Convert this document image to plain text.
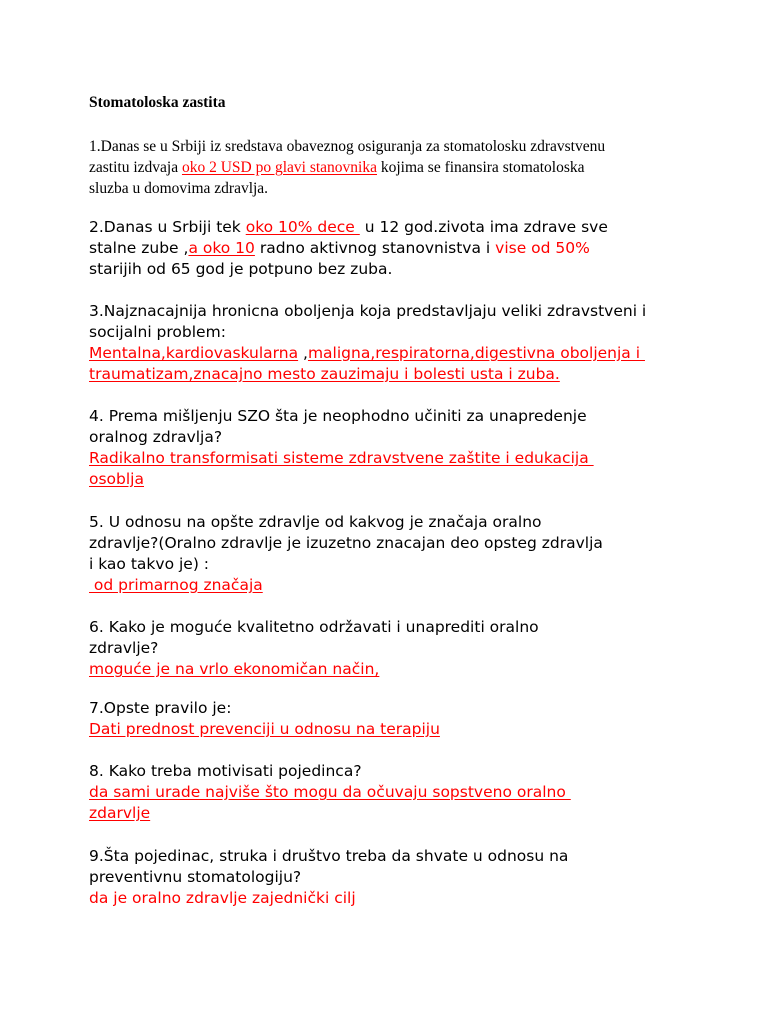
Stomatoloska zastita
1.Danas se u Srbiji iz sredstava obaveznog osiguranja za stomatolosku zdravstvenu
zastitu izdvaja oko 2 USD po glavi stanovnika kojima se finansira stomatoloska
sluzba u domovima zdravlja.
2.Danas u Srbiji tek oko 10% dece  u 12 god.zivota ima zdrave sve
stalne zube ,a oko 10 radno aktivnog stanovnistva i vise od 50%
starijih od 65 god je potpuno bez zuba.
3.Najznacajnija hronicna oboljenja koja predstavljaju veliki zdravstveni i
socijalni problem:
Mentalna,kardiovaskularna ,maligna,respiratorna,digestivna oboljenja i
traumatizam,znacajno mesto zauzimaju i bolesti usta i zuba.
4. Prema mišljenju SZO šta je neophodno učiniti za unapredenje
oralnog zdravlja?
Radikalno transformisati sisteme zdravstvene zaštite i edukacija
osoblja
5. U odnosu na opšte zdravlje od kakvog je značaja oralno
zdravlje?(Oralno zdravlje je izuzetno znacajan deo opsteg zdravlja
i kao takvo je) :
od primarnog značaja
6. Kako je moguće kvalitetno održavati i unaprediti oralno
zdravlje?
moguće je na vrlo ekonomičan način,
7.Opste pravilo je:
Dati prednost prevenciji u odnosu na terapiju
8. Kako treba motivisati pojedinca?
da sami urade najviše što mogu da očuvaju sopstveno oralno
zdarvlje
9.Šta pojedinac, struka i društvo treba da shvate u odnosu na
preventivnu stomatologiju?
da je oralno zdravlje zajednički cilj
